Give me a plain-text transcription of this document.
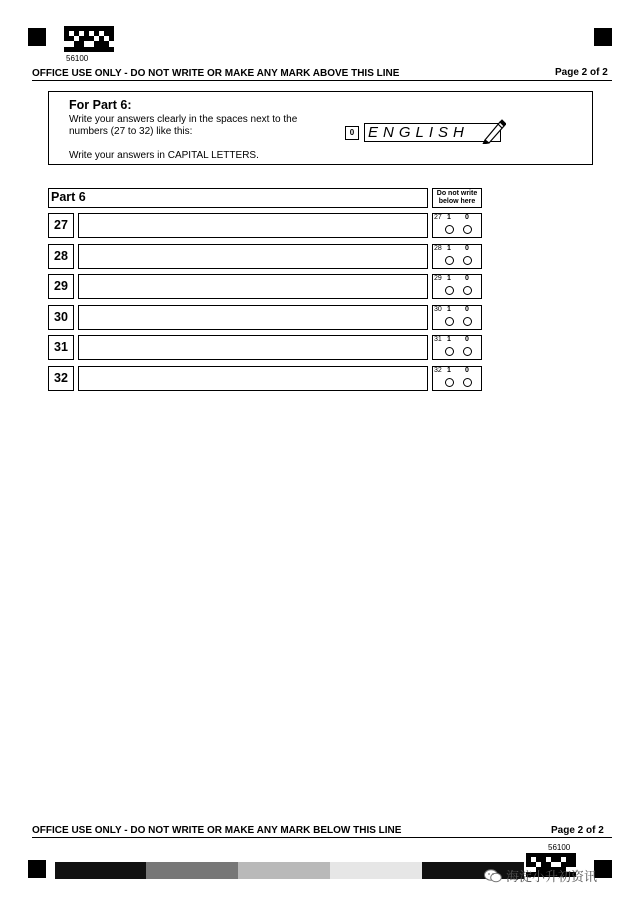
56100
OFFICE USE ONLY - DO NOT WRITE OR MAKE ANY MARK ABOVE THIS LINE	Page 2 of 2
For Part 6:
Write your answers clearly in the spaces next to the
numbers (27 to 32) like this:
Write your answers in CAPITAL LETTERS.
0 ENGLISH
Part 6	Do not write below here
27
27 1 0
28
28 1 0
29
29 1 0
30
30 1 0
31
31 1 0
32
32 1 0
OFFICE USE ONLY - DO NOT WRITE OR MAKE ANY MARK BELOW THIS LINE	Page 2 of 2
56100
海淀小升初资讯
